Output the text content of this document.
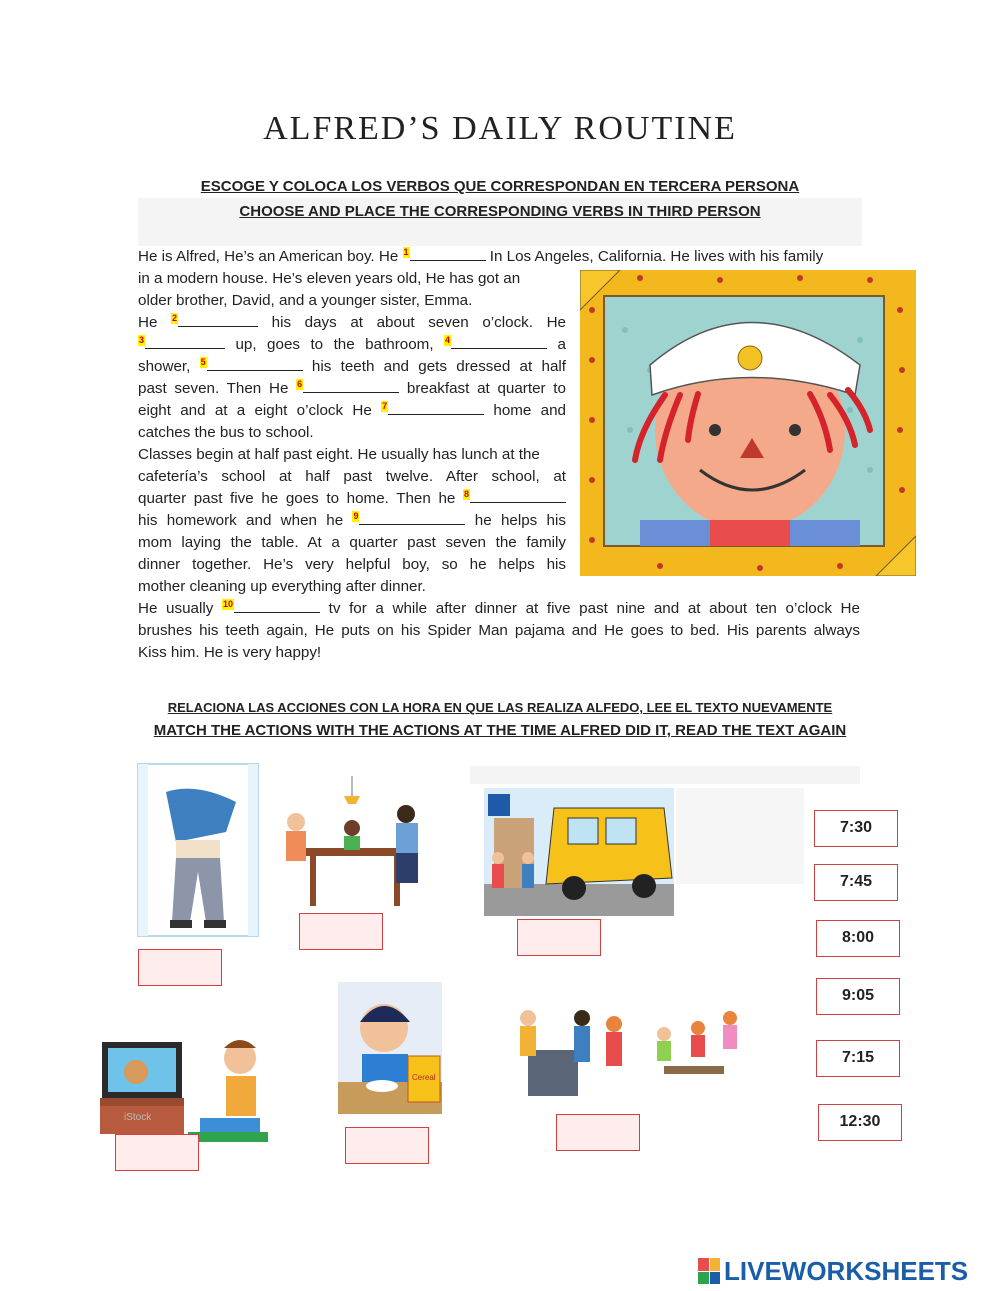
ALFRED’S DAILY ROUTINE
ESCOGE Y COLOCA LOS VERBOS QUE CORRESPONDAN EN TERCERA PERSONA
CHOOSE AND PLACE THE CORRESPONDING VERBS IN THIRD PERSON
He is Alfred, He’s an American boy. He 1	In Los Angeles, California. He lives with his family
in a modern house. He’s eleven years old, He has got an
older brother, David, and a younger sister, Emma.
He 2	his days at about seven o’clock. He
3	up, goes to the bathroom, 4	a
shower, 5	his teeth and gets dressed at half
past seven. Then He 6	breakfast at quarter to
eight and at a eight o’clock He 7	home and
catches the bus to school.
Classes begin at half past eight. He usually has lunch at the
cafetería’s school at half past twelve. After school, at
quarter past five he goes to home. Then he 8
his homework and when he 9	he helps his
mom laying the table. At a quarter past seven the family
dinner together. He’s very helpful boy, so he helps his
mother cleaning up everything after dinner.
He usually 10	tv for a while after dinner at five past nine and at about ten o’clock He
brushes his teeth again, He puts on his Spider Man pajama and He goes to bed. His parents always
Kiss him. He is very happy!
RELACIONA LAS ACCIONES CON LA HORA EN QUE LAS REALIZA ALFEDO, LEE EL TEXTO NUEVAMENTE
MATCH THE ACTIONS WITH THE ACTIONS AT THE TIME ALFRED DID IT, READ THE TEXT AGAIN
iStock
Cereal
7:30
7:45
8:00
9:05
7:15
12:30
LIVEWORKSHEETS
